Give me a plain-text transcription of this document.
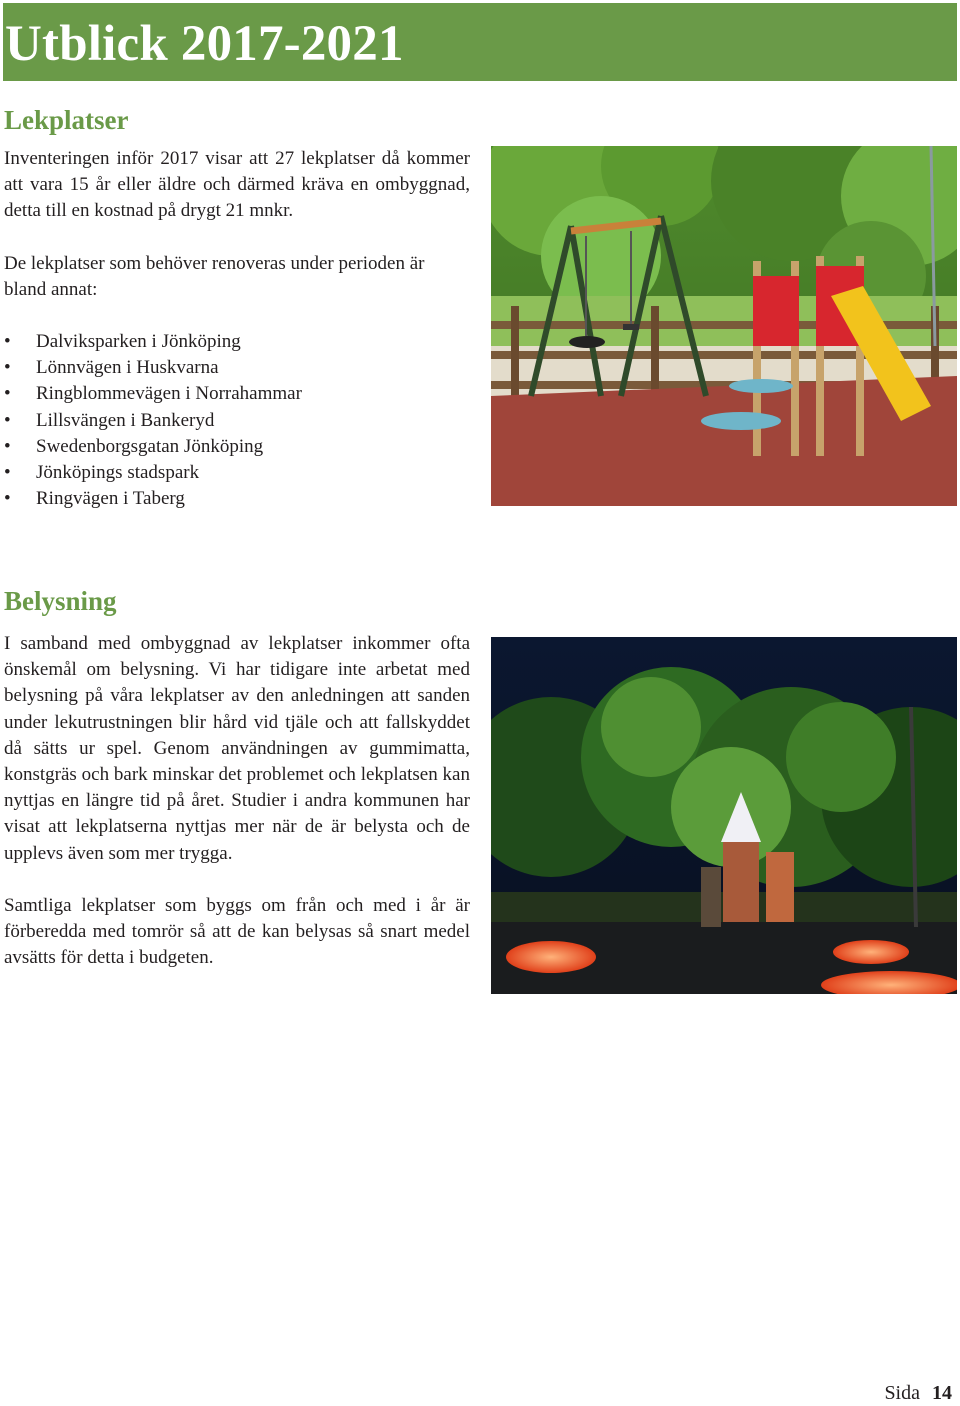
Utblick 2017-2021
Lekplatser

Inventeringen inför 2017 visar att 27 lekplatser då kommer att vara 15 år eller äldre och därmed kräva en ombyggnad, detta till en kostnad på drygt 21 mnkr.

De lekplatser som behöver renoveras under perioden är bland annat:

• Dalviksparken i Jönköping
• Lönnvägen i Huskvarna
• Ringblommevägen i Norrahammar
• Lillsvängen i Bankeryd
• Swedenborgsgatan Jönköping
• Jönköpings stadspark
• Ringvägen i Taberg
Belysning

I samband med ombyggnad av lekplatser inkommer ofta önskemål om belysning. Vi har tidigare inte arbetat med belysning på våra lekplatser av den anledningen att sanden under lekutrustningen blir hård vid tjäle och att fallskyddet då sätts ur spel. Genom användningen av gummimatta, konstgräs och bark minskar det problemet och lekplatsen kan nyttjas en längre tid på året. Studier i andra kommunen har visat att lekplatserna nyttjas mer när de är belysta och de upplevs även som mer trygga.

Samtliga lekplatser som byggs om från och med i år är förberedda med tomrör så att de kan belysas så snart medel avsätts för detta i budgeten.

Sida 14
